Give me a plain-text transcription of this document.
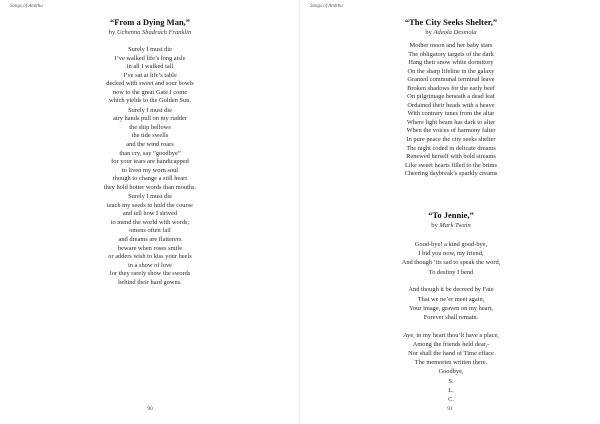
Songs of Amitha
“From a Dying Man,”
by Uchenna Shadrach Franklin
Surely I must die
I’ve walked life’s long aisle
in all I walked tall
I’ve sat at life’s table
decked with sweet and sour bowls
now to the great Gate I come
which yields to the Golden Sun.
Surely I must die
airy hands pull on my rudder
the ship bellows
the tide swells
and the wind roars
than cry, say “goodbye”
for your tears are handicapped
to liven my worn soul
though to change a still heart
they hold hotter words than mouths.
Surely I must die
teach my seeds to hold the course
and tell how I strived
to mend the world with words;
omens often fail
and dreams are flatterers
beware when roses smile
or adders wish to kiss your heels
in a show of love
for they rarely show the swords
behind their hard gowns.
90
Songs of Amitha
“The City Seeks Shelter,”
by Adeola Desmola
Mother moon and her baby stars
The obligatory targets of the dark
Hang their snow white dormitory
On the sharp lifeline in the galaxy
Granted communal terminal leave
Broken shadows for the early beef
On pilgrimage beneath a dead leaf
Ordained their heads with a heave
With contrary tunes from the altar
Where light beam has dark to alter
When the voices of harmony falter
In pure peace the city seeks shelter
The night coded in delicate dreams
Renewed herself with bold streams
Like sweet hearts filled to the brims
Cheering daybreak’s sparkly creams
“To Jennie,”
by Mark Twain
Good-bye! a kind good-bye,
I bid you now, my friend,
And though ’tis sad to speak the word,
To destiny I bend
And though it be decreed by Fate
That we ne’er meet again,
Your image, graven on my heart,
Forever shall remain.
Aye, in my heart thou’lt have a place,
Among the friends held dear,-
Nor shall the hand of Time efface
The memories written there.
Goodbye,
S.
L.
C.
91
